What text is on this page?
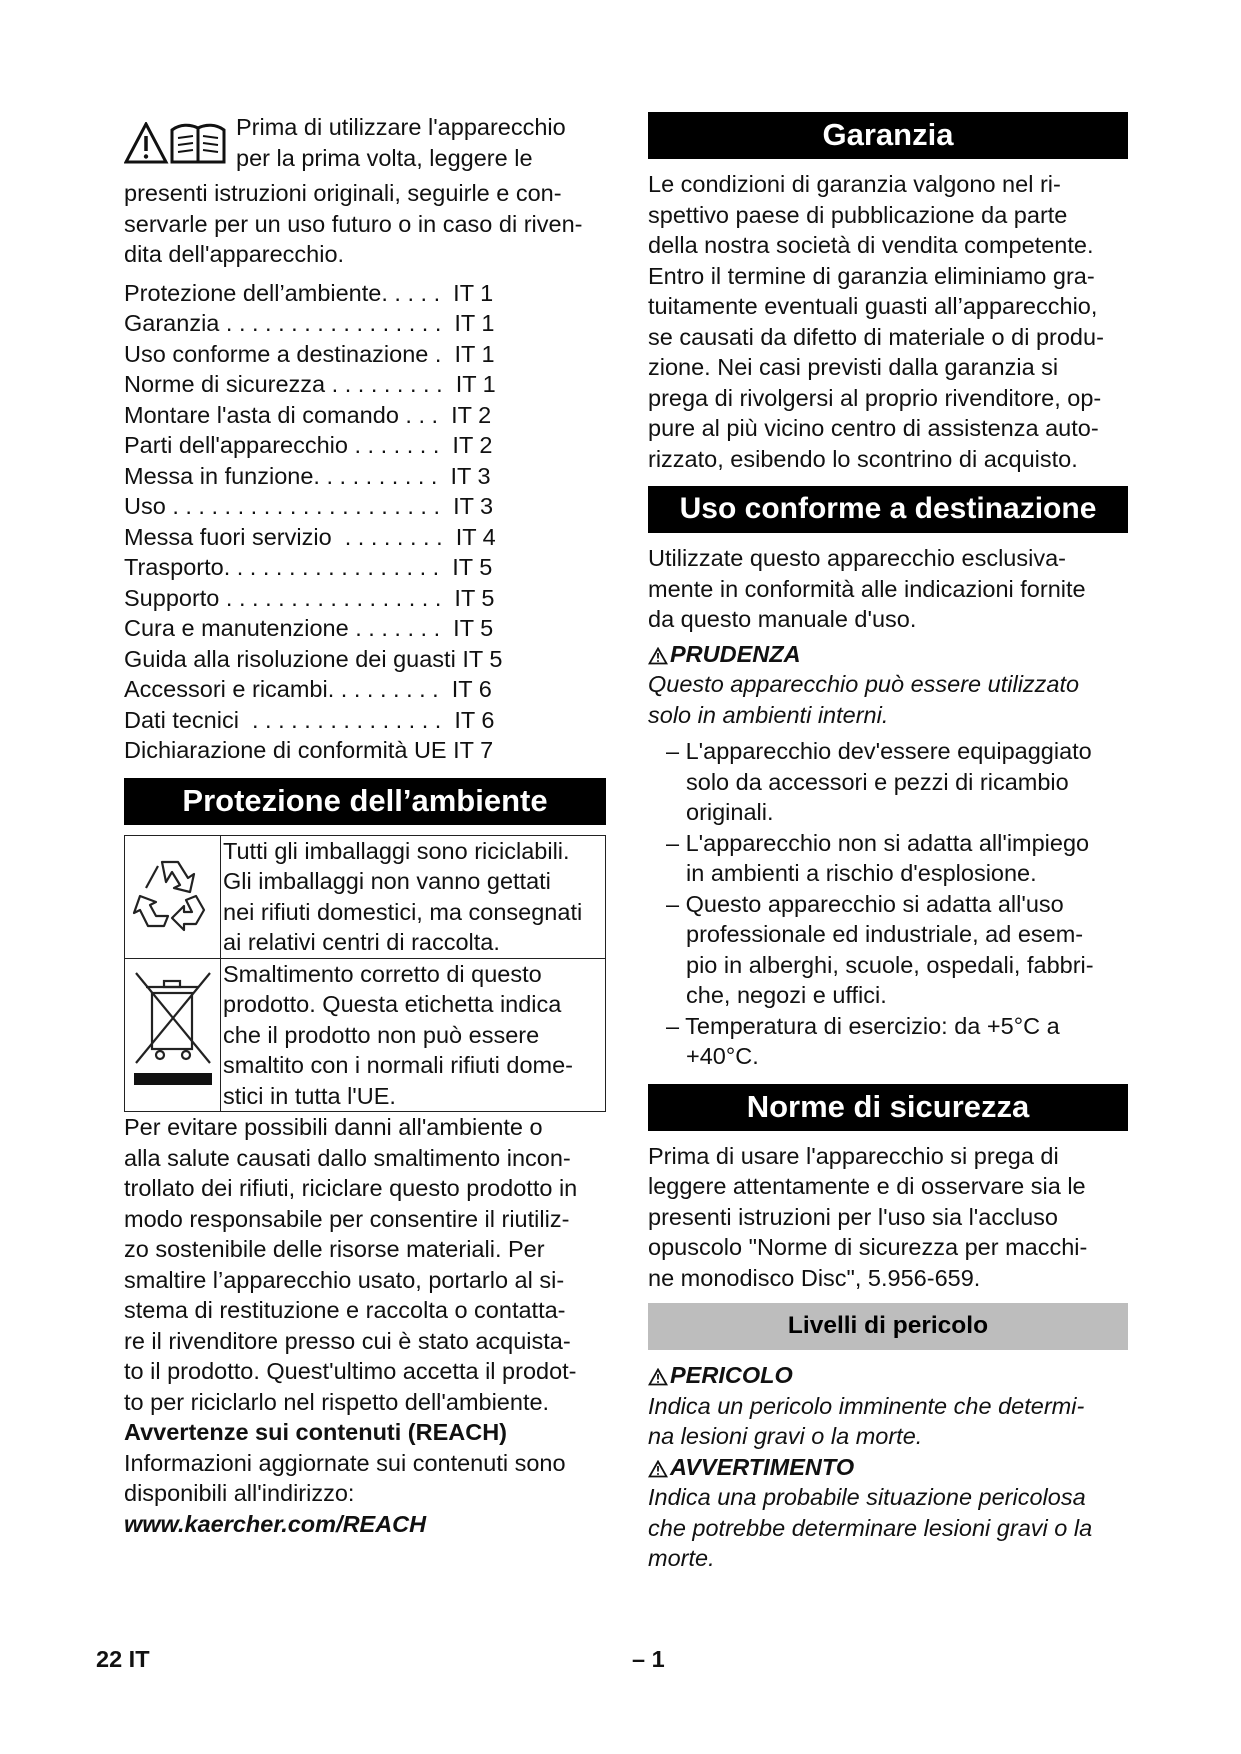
Prima di utilizzare l'apparecchio

per la prima volta, leggere le

presenti istruzioni originali, seguirle e con-

servarle per un uso futuro o in caso di riven-

dita dell'apparecchio.

Protezione dell’ambiente. . . . .  IT 1
Garanzia . . . . . . . . . . . . . . . . .  IT 1
Uso conforme a destinazione .  IT 1
Norme di sicurezza . . . . . . . . .  IT 1
Montare l'asta di comando . . .  IT 2
Parti dell'apparecchio . . . . . . .  IT 2
Messa in funzione. . . . . . . . . .  IT 3
Uso . . . . . . . . . . . . . . . . . . . . .  IT 3
Messa fuori servizio  . . . . . . . .  IT 4
Trasporto. . . . . . . . . . . . . . . . .  IT 5
Supporto . . . . . . . . . . . . . . . . .  IT 5
Cura e manutenzione . . . . . . .  IT 5
Guida alla risoluzione dei guasti IT 5
Accessori e ricambi. . . . . . . . .  IT 6
Dati tecnici  . . . . . . . . . . . . . . .  IT 6
Dichiarazione di conformità UE IT 7
Protezione dell’ambiente

Tutti gli imballaggi sono riciclabili.

Gli imballaggi non vanno gettati

nei rifiuti domestici, ma consegnati

ai relativi centri di raccolta.

Smaltimento corretto di questo

prodotto. Questa etichetta indica

che il prodotto non può essere

smaltito con i normali rifiuti dome-

stici in tutta l'UE.

Per evitare possibili danni all'ambiente o

alla salute causati dallo smaltimento incon-

trollato dei rifiuti, riciclare questo prodotto in

modo responsabile per consentire il riutiliz-

zo sostenibile delle risorse materiali. Per

smaltire l’apparecchio usato, portarlo al si-

stema di restituzione e raccolta o contatta-

re il rivenditore presso cui è stato acquista-

to il prodotto. Quest'ultimo accetta il prodot-

to per riciclarlo nel rispetto dell'ambiente.

Avvertenze sui contenuti (REACH)

Informazioni aggiornate sui contenuti sono

disponibili all'indirizzo:

www.kaercher.com/REACH

Garanzia

Le condizioni di garanzia valgono nel ri-

spettivo paese di pubblicazione da parte

della nostra società di vendita competente.

Entro il termine di garanzia eliminiamo gra-

tuitamente eventuali guasti all’apparecchio,

se causati da difetto di materiale o di produ-

zione. Nei casi previsti dalla garanzia si

prega di rivolgersi al proprio rivenditore, op-

pure al più vicino centro di assistenza auto-

rizzato, esibendo lo scontrino di acquisto.

Uso conforme a destinazione

Utilizzate questo apparecchio esclusiva-

mente in conformità alle indicazioni fornite

da questo manuale d'uso.

PRUDENZA

Questo apparecchio può essere utilizzato

solo in ambienti interni.

– L'apparecchio dev'essere equipaggiato

solo da accessori e pezzi di ricambio

originali.

– L'apparecchio non si adatta all'impiego

in ambienti a rischio d'esplosione.

– Questo apparecchio si adatta all'uso

professionale ed industriale, ad esem-

pio in alberghi, scuole, ospedali, fabbri-

che, negozi e uffici.

– Temperatura di esercizio: da +5°C a

+40°C.

Norme di sicurezza

Prima di usare l'apparecchio si prega di

leggere attentamente e di osservare sia le

presenti istruzioni per l'uso sia l'accluso

opuscolo "Norme di sicurezza per macchi-

ne monodisco Disc", 5.956-659.

Livelli di pericolo

PERICOLO

Indica un pericolo imminente che determi-

na lesioni gravi o la morte.

AVVERTIMENTO

Indica una probabile situazione pericolosa

che potrebbe determinare lesioni gravi o la

morte.

22 IT	– 1
